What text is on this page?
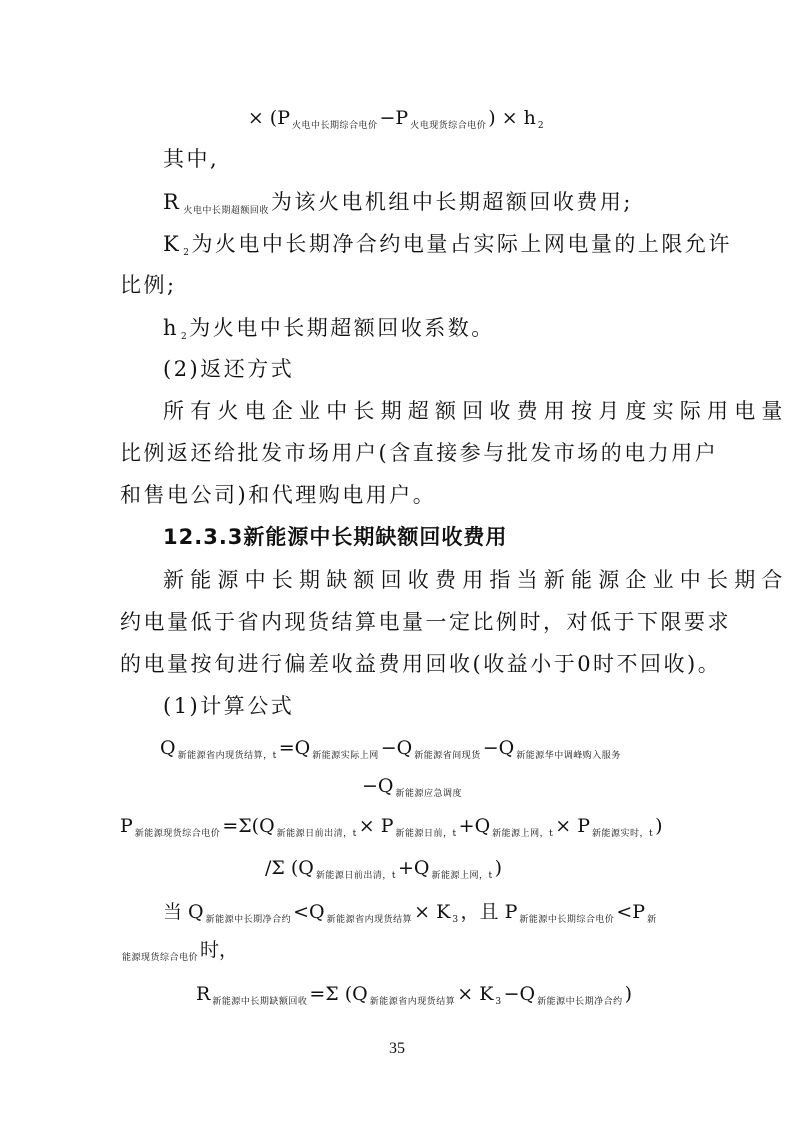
× (P $_{火电中长期综合电价}$ −P $_{火电现货综合电价}$ ) × h $_2$
其中,
R $_{火电中长期超额回收}$为该火电机组中长期超额回收费用;
K $_2$为火电中长期净合约电量占实际上网电量的上限允许
比例;
h $_2$为火电中长期超额回收系数。
(2)返还方式
所有火电企业中长期超额回收费用按月度实际用电量
比例返还给批发市场用户(含直接参与批发市场的电力用户
和售电公司)和代理购电用户。
12.3.3新能源中长期缺额回收费用
新能源中长期缺额回收费用指当新能源企业中长期合
约电量低于省内现货结算电量一定比例时，对低于下限要求
的电量按旬进行偏差收益费用回收(收益小于0时不回收)。
(1)计算公式
Q $_{新能源省内现货结算,t}$ =Q $_{新能源实际上网}$ −Q $_{新能源省间现货}$ −Q $_{新能源华中调峰购入服务}$
−Q $_{新能源应急调度}$
P $_{新能源现货综合电价}$ =Σ(Q $_{新能源日前出清,t}$ × P $_{新能源日前,t}$ +Q $_{新能源上网,t}$ × P $_{新能源实时,t}$ )
/Σ (Q $_{新能源日前出清,t}$ +Q $_{新能源上网,t}$ )
当 Q $_{新能源中长期净合约}$ <Q $_{新能源省内现货结算}$ × K $_3$ ，且 P $_{新能源中长期综合电价}$ <P $_新$
$_{能源现货综合电价}$ 时，
R $_{新能源中长期缺额回收}$ =Σ (Q $_{新能源省内现货结算}$ × K $_3$ −Q $_{新能源中长期净合约}$ )
35
